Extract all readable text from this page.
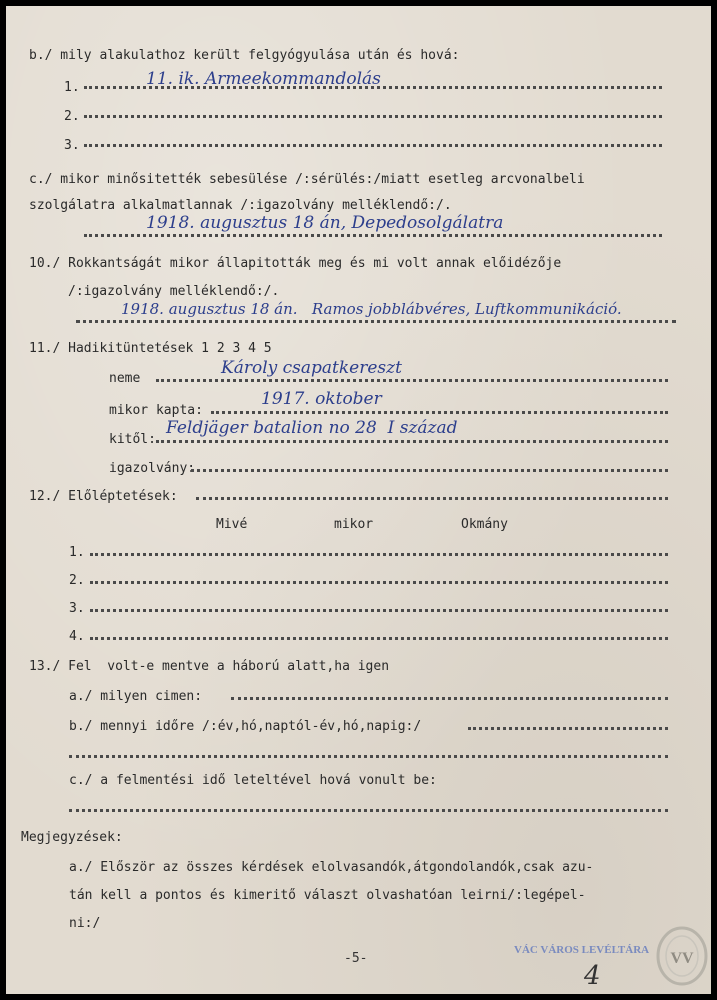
b./ mily alakulathoz került felgyógyulása után és hová:
1.	11. ik. Armeekommandolás
2.
3.
c./ mikor minősitették sebesülése /:sérülés:/miatt esetleg arcvonalbeli
szolgálatra alkalmatlannak /:igazolvány melléklendő:/.
1918. augusztus 18 án, Depedosolgálatra
10./ Rokkantságát mikor állapitották meg és mi volt annak előidézője
/:igazolvány melléklendő:/.
1918. augusztus 18 án.   Ramos jobblábvéres, Luftkommunikáció.
11./ Hadikitüntetések 1 2 3 4 5
neme
Károly csapatkereszt
mikor kapta:
1917. oktober
kitől:
Feldjäger batalion no 28  I század
igazolvány:
12./ Előléptetések:
Mivé	mikor	Okmány
1.
2.
3.
4.
13./ Fel  volt-e mentve a háború alatt,ha igen
a./ milyen cimen:
b./ mennyi időre /:év,hó,naptól-év,hó,napig:/
c./ a felmentési idő leteltével hová vonult be:
Megjegyzések:
a./ Először az összes kérdések elolvasandók,átgondolandók,csak azu-
tán kell a pontos és kimeritő választ olvashatóan leirni/:legépel-
ni:/
-5-
VÁC VÁROS LEVÉLTÁRA
4
VV
